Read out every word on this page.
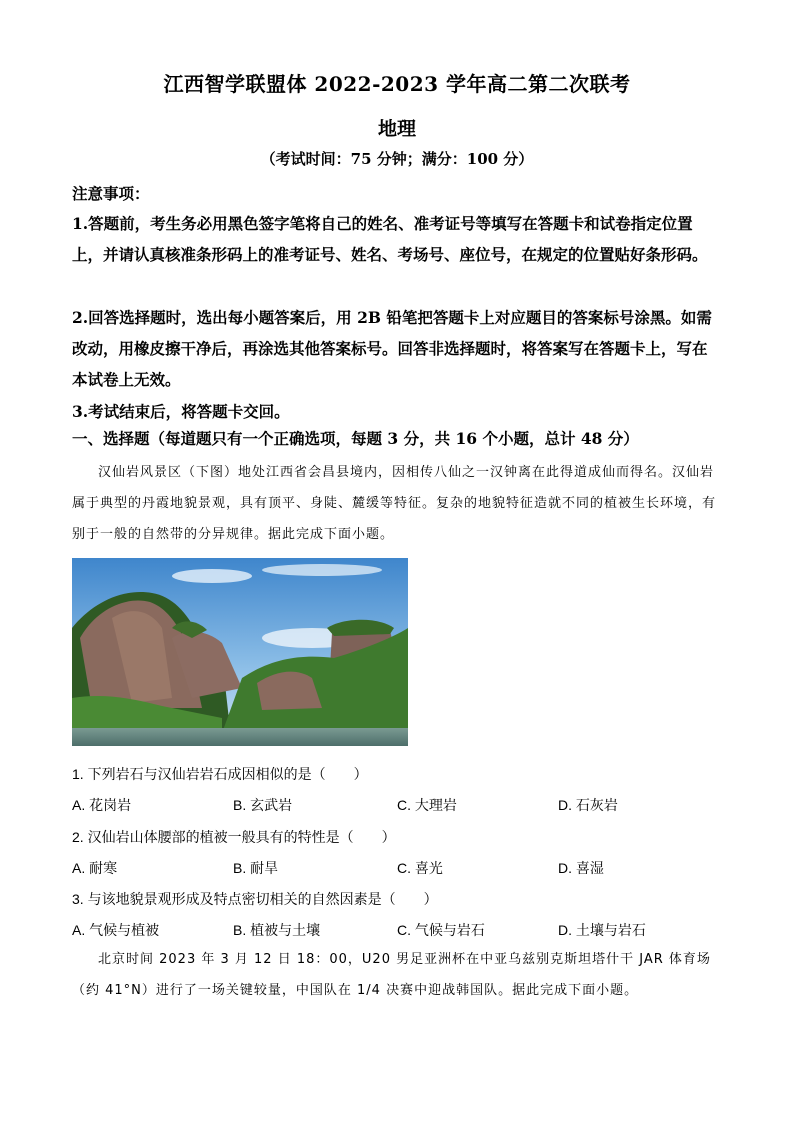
江西智学联盟体 2022-2023 学年高二第二次联考
地理
（考试时间：75 分钟；满分：100 分）
注意事项：
1.答题前，考生务必用黑色签字笔将自己的姓名、准考证号等填写在答题卡和试卷指定位置上，并请认真核准条形码上的准考证号、姓名、考场号、座位号，在规定的位置贴好条形码。
2.回答选择题时，选出每小题答案后，用 2B 铅笔把答题卡上对应题目的答案标号涂黑。如需改动，用橡皮擦干净后，再涂选其他答案标号。回答非选择题时，将答案写在答题卡上，写在本试卷上无效。
3.考试结束后，将答题卡交回。
一、选择题（每道题只有一个正确选项，每题 3 分，共 16 个小题，总计 48 分）
汉仙岩风景区（下图）地处江西省会昌县境内，因相传八仙之一汉钟离在此得道成仙而得名。汉仙岩属于典型的丹霞地貌景观，具有顶平、身陡、麓缓等特征。复杂的地貌特征造就不同的植被生长环境，有别于一般的自然带的分异规律。据此完成下面小题。
1. 下列岩石与汉仙岩岩石成因相似的是（　　）
A. 花岗岩	B. 玄武岩	C. 大理岩	D. 石灰岩
2. 汉仙岩山体腰部的植被一般具有的特性是（　　）
A. 耐寒	B. 耐旱	C. 喜光	D. 喜湿
3. 与该地貌景观形成及特点密切相关的自然因素是（　　）
A. 气候与植被	B. 植被与土壤	C. 气候与岩石	D. 土壤与岩石
北京时间 2023 年 3 月 12 日 18：00，U20 男足亚洲杯在中亚乌兹别克斯坦塔什干 JAR 体育场（约 41°N）进行了一场关键较量，中国队在 1/4 决赛中迎战韩国队。据此完成下面小题。
